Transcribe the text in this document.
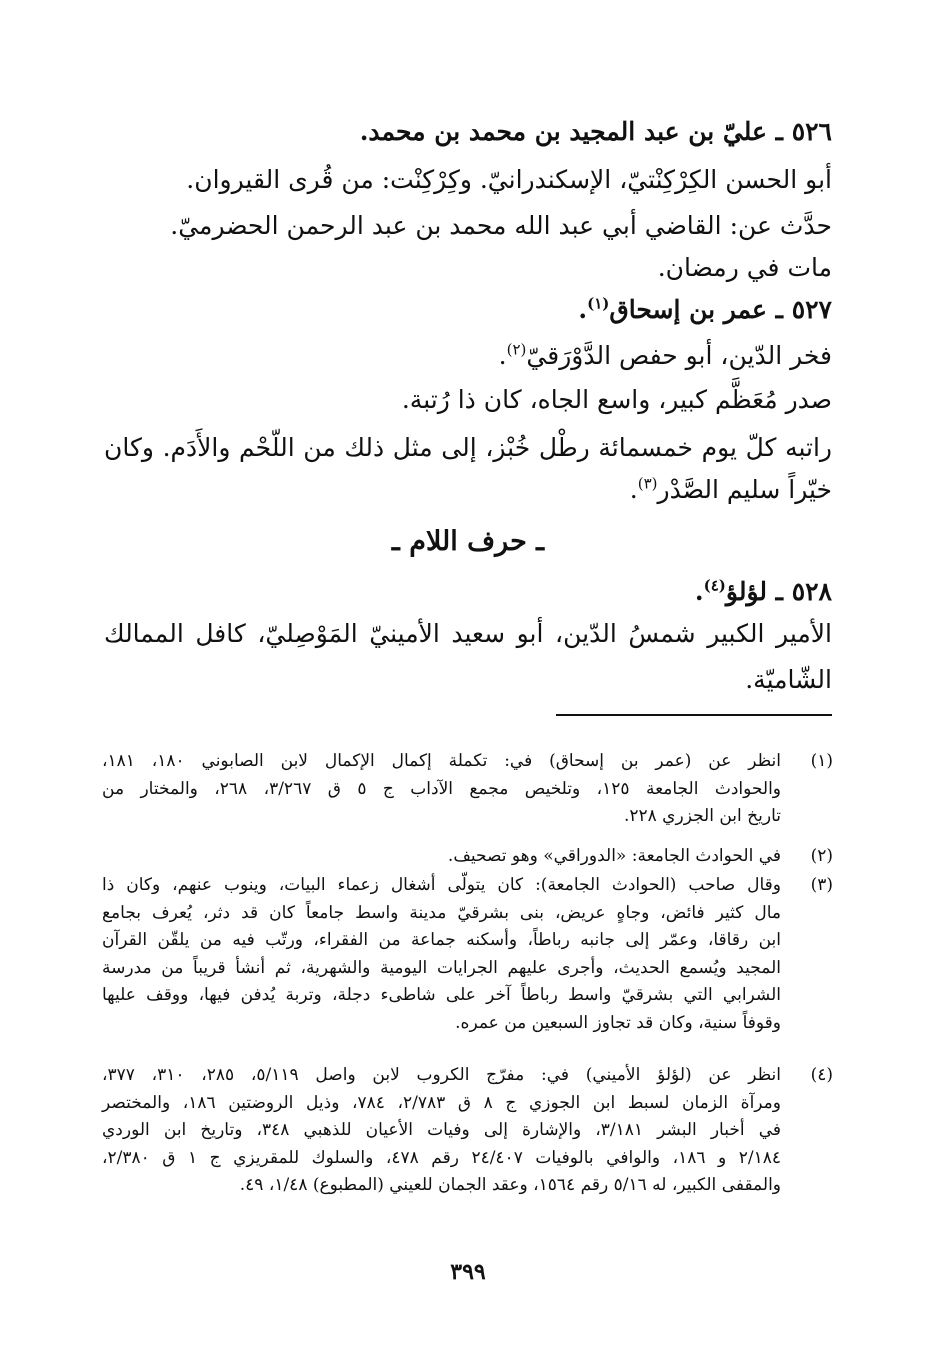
٥٢٦ ـ عليّ بن عبد المجيد بن محمد بن محمد.
أبو الحسن الكِرْكِنْتيّ، الإسكندرانيّ. وكِرْكِنْت: من قُرى القيروان.
حدَّث عن: القاضي أبي عبد الله محمد بن عبد الرحمن الحضرميّ.
مات في رمضان.
٥٢٧ ـ عمر بن إسحاق$^{(١)}$.
فخر الدّين، أبو حفص الدَّوْرَقيّ$^{(٢)}$.
صدر مُعَظَّم كبير، واسع الجاه، كان ذا رُتبة.
راتبه كلّ يوم خمسمائة رطْل خُبْز، إلى مثل ذلك من اللّحْم والأَدَم. وكان
خيّراً سليم الصَّدْر$^{(٣)}$.
ـ حرف اللام ـ
٥٢٨ ـ لؤلؤ$^{(٤)}$.
الأمير الكبير شمسُ الدّين، أبو سعيد الأمينيّ المَوْصِليّ، كافل الممالك
الشّاميّة.
(١)
انظر عن (عمر بن إسحاق) في: تكملة إكمال الإكمال لابن الصابوني ١٨٠، ١٨١،
والحوادث الجامعة ١٢٥، وتلخيص مجمع الآداب ج ٥ ق ٣/٢٦٧، ٢٦٨، والمختار من
تاريخ ابن الجزري ٢٢٨.
(٢)
في الحوادث الجامعة: «الدوراقي» وهو تصحيف.
(٣)
وقال صاحب (الحوادث الجامعة): كان يتولّى أشغال زعماء البيات، وينوب عنهم، وكان ذا
مال كثير فائض، وجاهٍ عريض، بنى بشرقيّ مدينة واسط جامعاً كان قد دثر، يُعرف بجامع
ابن رقاقا، وعمّر إلى جانبه رباطاً، وأسكنه جماعة من الفقراء، ورتّب فيه من يلقّن القرآن
المجيد ويُسمع الحديث، وأجرى عليهم الجرايات اليومية والشهرية، ثم أنشأ قريباً من مدرسة
الشرابي التي بشرقيّ واسط رباطاً آخر على شاطىء دجلة، وتربة يُدفن فيها، ووقف عليها
وقوفاً سنية، وكان قد تجاوز السبعين من عمره.
(٤)
انظر عن (لؤلؤ الأميني) في: مفرّج الكروب لابن واصل ٥/١١٩، ٢٨٥، ٣١٠، ٣٧٧،
ومرآة الزمان لسبط ابن الجوزي ج ٨ ق ٢/٧٨٣، ٧٨٤، وذيل الروضتين ١٨٦، والمختصر
في أخبار البشر ٣/١٨١، والإشارة إلى وفيات الأعيان للذهبي ٣٤٨، وتاريخ ابن الوردي
٢/١٨٤ و ١٨٦، والوافي بالوفيات ٢٤/٤٠٧ رقم ٤٧٨، والسلوك للمقريزي ج ١ ق ٢/٣٨٠،
والمقفى الكبير، له ٥/١٦ رقم ١٥٦٤، وعقد الجمان للعيني (المطبوع) ١/٤٨، ٤٩.
٣٩٩
